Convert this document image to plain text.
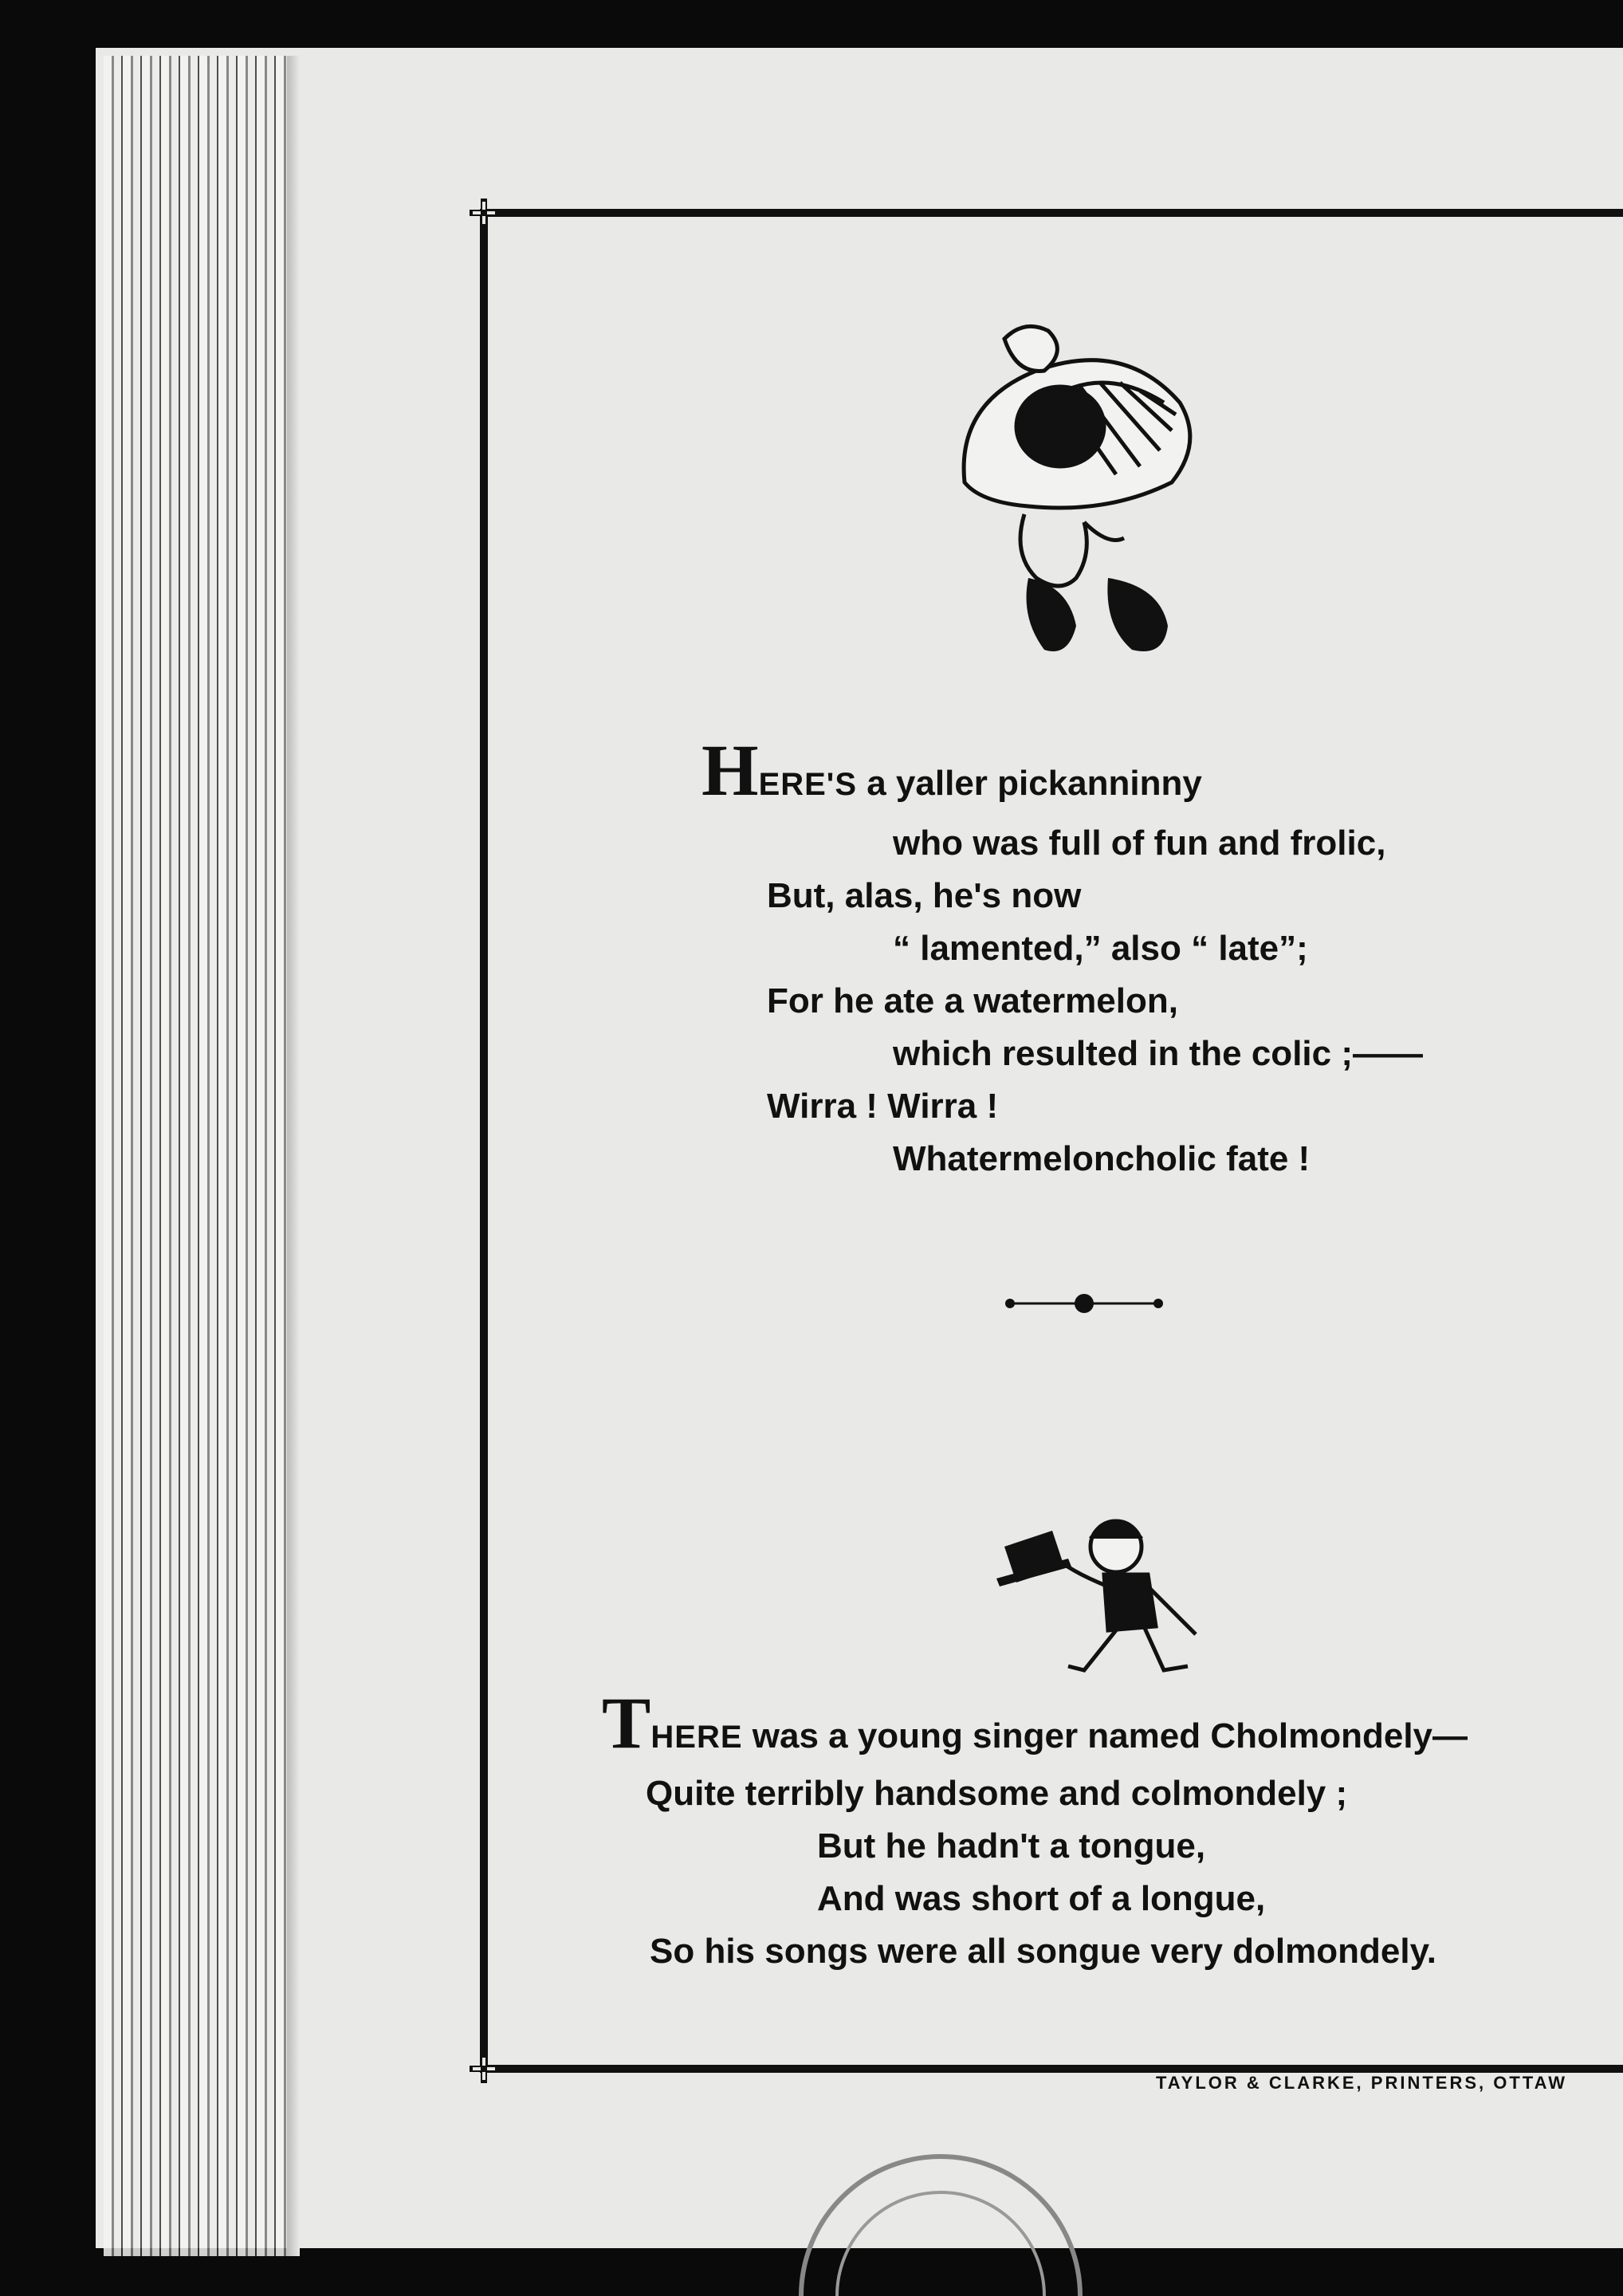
HERE'S a yaller pickanninny
who was full of fun and frolic,
But, alas, he's now
“ lamented,” also “ late”;
For he ate a watermelon,
which resulted in the colic ;——
Wirra ! Wirra !
Whatermeloncholic fate !
THERE was a young singer named Cholmondely—
Quite terribly handsome and colmondely ;
But he hadn't a tongue,
And was short of a longue,
So his songs were all songue very dolmondely.
TAYLOR & CLARKE, PRINTERS, OTTAW
